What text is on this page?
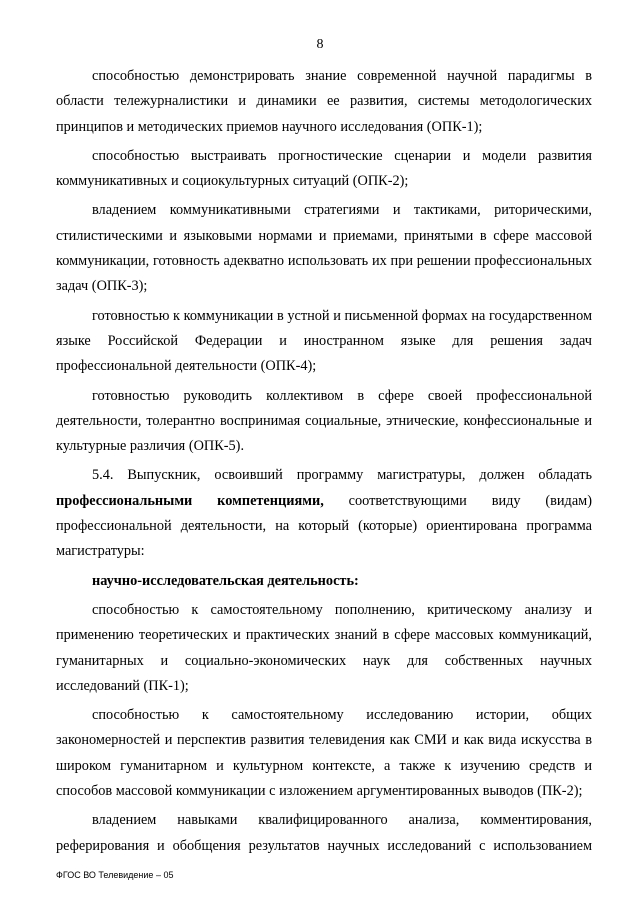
8

способностью демонстрировать знание современной научной парадигмы в области тележурналистики и динамики ее развития, системы методологических принципов и методических приемов научного исследования (ОПК-1);

способностью выстраивать прогностические сценарии и модели развития коммуникативных и социокультурных ситуаций (ОПК-2);

владением коммуникативными стратегиями и тактиками, риторическими, стилистическими и языковыми нормами и приемами, принятыми в сфере массовой коммуникации, готовность адекватно использовать их при решении профессиональных задач (ОПК-3);

готовностью к коммуникации в устной и письменной формах на государственном языке Российской Федерации и иностранном языке для решения задач профессиональной деятельности (ОПК-4);

готовностью руководить коллективом в сфере своей профессиональной деятельности, толерантно воспринимая социальные, этнические, конфессиональные и культурные различия (ОПК-5).

5.4. Выпускник, освоивший программу магистратуры, должен обладать профессиональными компетенциями, соответствующими виду (видам) профессиональной деятельности, на который (которые) ориентирована программа магистратуры:

научно-исследовательская деятельность:

способностью к самостоятельному пополнению, критическому анализу и применению теоретических и практических знаний в сфере массовых коммуникаций, гуманитарных и социально-экономических наук для собственных научных исследований (ПК-1);

способностью к самостоятельному исследованию истории, общих закономерностей и перспектив развития телевидения как СМИ и как вида искусства в широком гуманитарном и культурном контексте, а также к изучению средств и способов массовой коммуникации с изложением аргументированных выводов (ПК-2);

владением навыками квалифицированного анализа, комментирования, реферирования и обобщения результатов научных исследований с использованием

ФГОС ВО Телевидение – 05
